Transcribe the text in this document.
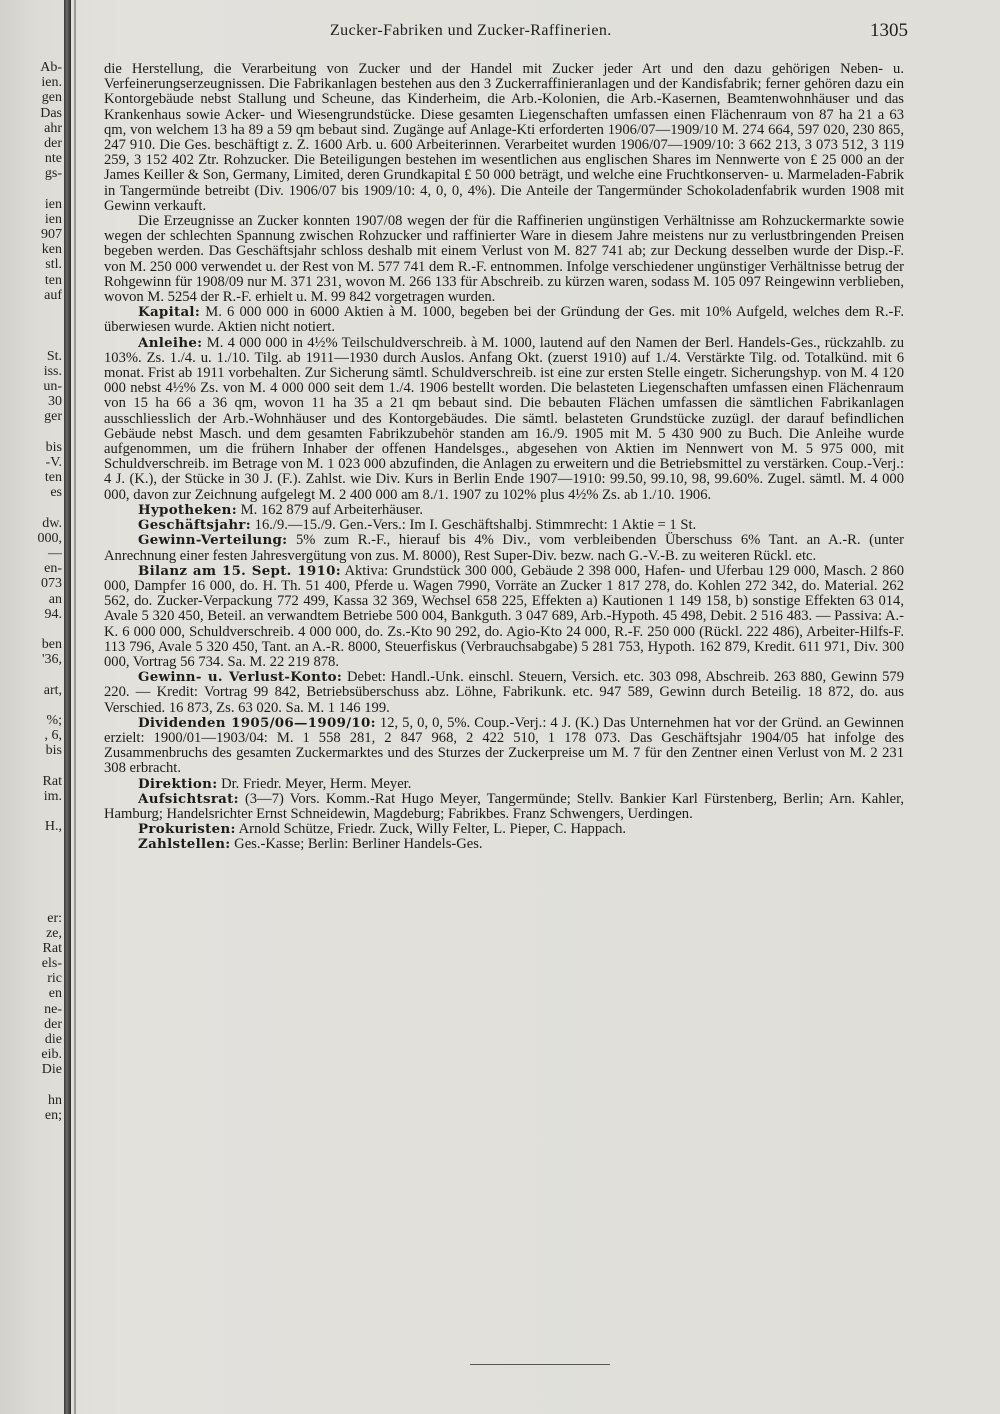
Ab-
ien.
gen
Das
ahr
der
nte
gs-
ien
ien
907
ken
stl.
ten
auf
St.
iss.
un-
30
ger
bis
-V.
ten
es
dw.
000,
—
en-
073
an
94.
ben
'36,
art,
%;
, 6,
bis
Rat
im.
H.,
er:
ze,
Rat
els-
ric
en
ne-
der
die
eib.
Die
hn
en;
Zucker-Fabriken und Zucker-Raffinerien.	1305

die Herstellung, die Verarbeitung von Zucker und der Handel mit Zucker jeder Art und den dazu gehörigen Neben- u. Verfeinerungserzeugnissen. Die Fabrikanlagen bestehen aus den 3 Zuckerraffinieranlagen und der Kandisfabrik; ferner gehören dazu ein Kontorgebäude nebst Stallung und Scheune, das Kinderheim, die Arb.-Kolonien, die Arb.-Kasernen, Beamtenwohnhäuser und das Krankenhaus sowie Acker- und Wiesengrundstücke. Diese gesamten Liegenschaften umfassen einen Flächenraum von 87 ha 21 a 63 qm, von welchem 13 ha 89 a 59 qm bebaut sind. Zugänge auf Anlage-Kti erforderten 1906/07—1909/10 M. 274 664, 597 020, 230 865, 247 910. Die Ges. beschäftigt z. Z. 1600 Arb. u. 600 Arbeiterinnen. Verarbeitet wurden 1906/07—1909/10: 3 662 213, 3 073 512, 3 119 259, 3 152 402 Ztr. Rohzucker. Die Beteiligungen bestehen im wesentlichen aus englischen Shares im Nennwerte von £ 25 000 an der James Keiller & Son, Germany, Limited, deren Grundkapital £ 50 000 beträgt, und welche eine Fruchtkonserven- u. Marmeladen-Fabrik in Tangermünde betreibt (Div. 1906/07 bis 1909/10: 4, 0, 0, 4%). Die Anteile der Tangermünder Schokoladenfabrik wurden 1908 mit Gewinn verkauft.

Die Erzeugnisse an Zucker konnten 1907/08 wegen der für die Raffinerien ungünstigen Verhältnisse am Rohzuckermarkte sowie wegen der schlechten Spannung zwischen Rohzucker und raffinierter Ware in diesem Jahre meistens nur zu verlustbringenden Preisen begeben werden. Das Geschäftsjahr schloss deshalb mit einem Verlust von M. 827 741 ab; zur Deckung desselben wurde der Disp.-F. von M. 250 000 verwendet u. der Rest von M. 577 741 dem R.-F. entnommen. Infolge verschiedener ungünstiger Verhältnisse betrug der Rohgewinn für 1908/09 nur M. 371 231, wovon M. 266 133 für Abschreib. zu kürzen waren, sodass M. 105 097 Reingewinn verblieben, wovon M. 5254 der R.-F. erhielt u. M. 99 842 vorgetragen wurden.

Kapital: M. 6 000 000 in 6000 Aktien à M. 1000, begeben bei der Gründung der Ges. mit 10% Aufgeld, welches dem R.-F. überwiesen wurde. Aktien nicht notiert.

Anleihe: M. 4 000 000 in 4½% Teilschuldverschreib. à M. 1000, lautend auf den Namen der Berl. Handels-Ges., rückzahlb. zu 103%. Zs. 1./4. u. 1./10. Tilg. ab 1911—1930 durch Auslos. Anfang Okt. (zuerst 1910) auf 1./4. Verstärkte Tilg. od. Totalkünd. mit 6 monat. Frist ab 1911 vorbehalten. Zur Sicherung sämtl. Schuldverschreib. ist eine zur ersten Stelle eingetr. Sicherungshyp. von M. 4 120 000 nebst 4½% Zs. von M. 4 000 000 seit dem 1./4. 1906 bestellt worden. Die belasteten Liegenschaften umfassen einen Flächenraum von 15 ha 66 a 36 qm, wovon 11 ha 35 a 21 qm bebaut sind. Die bebauten Flächen umfassen die sämtlichen Fabrikanlagen ausschliesslich der Arb.-Wohnhäuser und des Kontorgebäudes. Die sämtl. belasteten Grundstücke zuzügl. der darauf befindlichen Gebäude nebst Masch. und dem gesamten Fabrikzubehör standen am 16./9. 1905 mit M. 5 430 900 zu Buch. Die Anleihe wurde aufgenommen, um die frühern Inhaber der offenen Handelsges., abgesehen von Aktien im Nennwert von M. 5 975 000, mit Schuldverschreib. im Betrage von M. 1 023 000 abzufinden, die Anlagen zu erweitern und die Betriebsmittel zu verstärken. Coup.-Verj.: 4 J. (K.), der Stücke in 30 J. (F.). Zahlst. wie Div. Kurs in Berlin Ende 1907—1910: 99.50, 99.10, 98, 99.60%. Zugel. sämtl. M. 4 000 000, davon zur Zeichnung aufgelegt M. 2 400 000 am 8./1. 1907 zu 102% plus 4½% Zs. ab 1./10. 1906.

Hypotheken: M. 162 879 auf Arbeiterhäuser.

Geschäftsjahr: 16./9.—15./9. Gen.-Vers.: Im I. Geschäftshalbj. Stimmrecht: 1 Aktie = 1 St.

Gewinn-Verteilung: 5% zum R.-F., hierauf bis 4% Div., vom verbleibenden Überschuss 6% Tant. an A.-R. (unter Anrechnung einer festen Jahresvergütung von zus. M. 8000), Rest Super-Div. bezw. nach G.-V.-B. zu weiteren Rückl. etc.

Bilanz am 15. Sept. 1910: Aktiva: Grundstück 300 000, Gebäude 2 398 000, Hafen- und Uferbau 129 000, Masch. 2 860 000, Dampfer 16 000, do. H. Th. 51 400, Pferde u. Wagen 7990, Vorräte an Zucker 1 817 278, do. Kohlen 272 342, do. Material. 262 562, do. Zucker-Verpackung 772 499, Kassa 32 369, Wechsel 658 225, Effekten a) Kautionen 1 149 158, b) sonstige Effekten 63 014, Avale 5 320 450, Beteil. an verwandtem Betriebe 500 004, Bankguth. 3 047 689, Arb.-Hypoth. 45 498, Debit. 2 516 483. — Passiva: A.-K. 6 000 000, Schuldverschreib. 4 000 000, do. Zs.-Kto 90 292, do. Agio-Kto 24 000, R.-F. 250 000 (Rückl. 222 486), Arbeiter-Hilfs-F. 113 796, Avale 5 320 450, Tant. an A.-R. 8000, Steuerfiskus (Verbrauchsabgabe) 5 281 753, Hypoth. 162 879, Kredit. 611 971, Div. 300 000, Vortrag 56 734. Sa. M. 22 219 878.

Gewinn- u. Verlust-Konto: Debet: Handl.-Unk. einschl. Steuern, Versich. etc. 303 098, Abschreib. 263 880, Gewinn 579 220. — Kredit: Vortrag 99 842, Betriebsüberschuss abz. Löhne, Fabrikunk. etc. 947 589, Gewinn durch Beteilig. 18 872, do. aus Verschied. 16 873, Zs. 63 020. Sa. M. 1 146 199.

Dividenden 1905/06—1909/10: 12, 5, 0, 0, 5%. Coup.-Verj.: 4 J. (K.) Das Unternehmen hat vor der Gründ. an Gewinnen erzielt: 1900/01—1903/04: M. 1 558 281, 2 847 968, 2 422 510, 1 178 073. Das Geschäftsjahr 1904/05 hat infolge des Zusammenbruchs des gesamten Zuckermarktes und des Sturzes der Zuckerpreise um M. 7 für den Zentner einen Verlust von M. 2 231 308 erbracht.

Direktion: Dr. Friedr. Meyer, Herm. Meyer.

Aufsichtsrat: (3—7) Vors. Komm.-Rat Hugo Meyer, Tangermünde; Stellv. Bankier Karl Fürstenberg, Berlin; Arn. Kahler, Hamburg; Handelsrichter Ernst Schneidewin, Magdeburg; Fabrikbes. Franz Schwengers, Uerdingen.

Prokuristen: Arnold Schütze, Friedr. Zuck, Willy Felter, L. Pieper, C. Happach.

Zahlstellen: Ges.-Kasse; Berlin: Berliner Handels-Ges.
